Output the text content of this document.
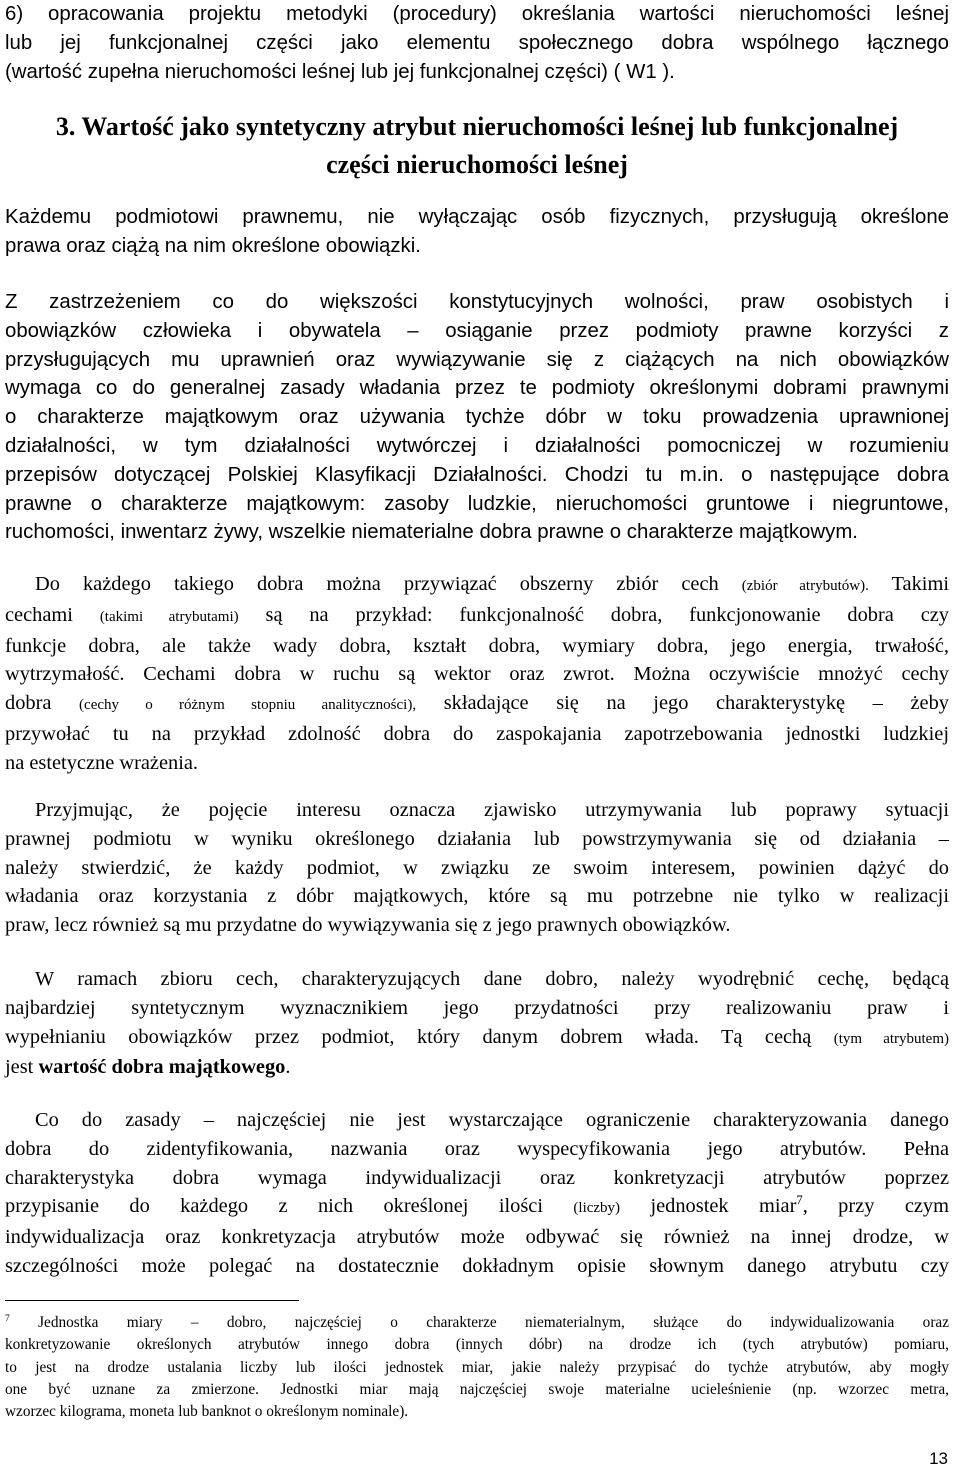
6) opracowania projektu metodyki (procedury) określania wartości nieruchomości leśnej
lub jej funkcjonalnej części jako elementu społecznego dobra wspólnego łącznego
(wartość zupełna nieruchomości leśnej lub jej funkcjonalnej części) ( W1 ).
3. Wartość jako syntetyczny atrybut nieruchomości leśnej lub funkcjonalnej
części nieruchomości leśnej
Każdemu podmiotowi prawnemu, nie wyłączając osób fizycznych, przysługują określone
prawa oraz ciążą na nim określone obowiązki.
Z zastrzeżeniem co do większości konstytucyjnych wolności, praw osobistych i
obowiązków człowieka i obywatela – osiąganie przez podmioty prawne korzyści z
przysługujących mu uprawnień oraz wywiązywanie się z ciążących na nich obowiązków
wymaga co do generalnej zasady władania przez te podmioty określonymi dobrami prawnymi
o charakterze majątkowym oraz używania tychże dóbr w toku prowadzenia uprawnionej
działalności, w tym działalności wytwórczej i działalności pomocniczej w rozumieniu
przepisów dotyczącej Polskiej Klasyfikacji Działalności. Chodzi tu m.in. o następujące dobra
prawne o charakterze majątkowym: zasoby ludzkie, nieruchomości gruntowe i niegruntowe,
ruchomości, inwentarz żywy, wszelkie niematerialne dobra prawne o charakterze majątkowym.
Do każdego takiego dobra można przywiązać obszerny zbiór cech (zbiór atrybutów). Takimi
cechami (takimi atrybutami) są na przykład: funkcjonalność dobra, funkcjonowanie dobra czy
funkcje dobra, ale także wady dobra, kształt dobra, wymiary dobra, jego energia, trwałość,
wytrzymałość. Cechami dobra w ruchu są wektor oraz zwrot. Można oczywiście mnożyć cechy
dobra (cechy o różnym stopniu analityczności), składające się na jego charakterystykę – żeby
przywołać tu na przykład zdolność dobra do zaspokajania zapotrzebowania jednostki ludzkiej
na estetyczne wrażenia.
Przyjmując, że pojęcie interesu oznacza zjawisko utrzymywania lub poprawy sytuacji
prawnej podmiotu w wyniku określonego działania lub powstrzymywania się od działania –
należy stwierdzić, że każdy podmiot, w związku ze swoim interesem, powinien dążyć do
władania oraz korzystania z dóbr majątkowych, które są mu potrzebne nie tylko w realizacji
praw, lecz również są mu przydatne do wywiązywania się z jego prawnych obowiązków.
W ramach zbioru cech, charakteryzujących dane dobro, należy wyodrębnić cechę, będącą
najbardziej syntetycznym wyznacznikiem jego przydatności przy realizowaniu praw i
wypełnianiu obowiązków przez podmiot, który danym dobrem włada. Tą cechą (tym atrybutem)
jest wartość dobra majątkowego.
Co do zasady – najczęściej nie jest wystarczające ograniczenie charakteryzowania danego
dobra do zidentyfikowania, nazwania oraz wyspecyfikowania jego atrybutów. Pełna
charakterystyka dobra wymaga indywidualizacji oraz konkretyzacji atrybutów poprzez
przypisanie do każdego z nich określonej ilości (liczby) jednostek miar$^7$, przy czym
indywidualizacja oraz konkretyzacja atrybutów może odbywać się również na innej drodze, w
szczególności może polegać na dostatecznie dokładnym opisie słownym danego atrybutu czy
$^7$ Jednostka miary – dobro, najczęściej o charakterze niematerialnym, służące do indywidualizowania oraz
konkretyzowanie określonych atrybutów innego dobra (innych dóbr) na drodze ich (tych atrybutów) pomiaru,
to jest na drodze ustalania liczby lub ilości jednostek miar, jakie należy przypisać do tychże atrybutów, aby mogły
one być uznane za zmierzone. Jednostki miar mają najczęściej swoje materialne ucieleśnienie (np. wzorzec metra,
wzorzec kilograma, moneta lub banknot o określonym nominale).
13
